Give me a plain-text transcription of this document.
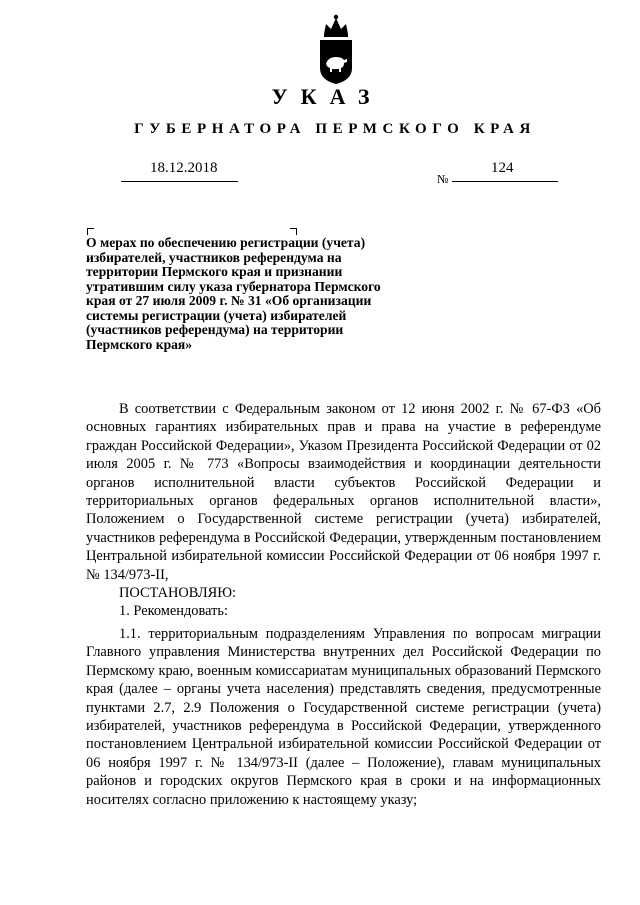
УКАЗ
ГУБЕРНАТОРА ПЕРМСКОГО КРАЯ
18.12.2018
№
124

О мерах по обеспечению регистрации (учета) избирателей, участников референдума на территории Пермского края и признании утратившим силу указа губернатора Пермского края от 27 июля 2009 г. № 31 «Об организации системы регистрации (учета) избирателей (участников референдума) на территории Пермского края»

В соответствии с Федеральным законом от 12 июня 2002 г. № 67-ФЗ «Об основных гарантиях избирательных прав и права на участие в референдуме граждан Российской Федерации», Указом Президента Российской Федерации от 02 июля 2005 г. № 773 «Вопросы взаимодействия и координации деятельности органов исполнительной власти субъектов Российской Федерации и территориальных органов федеральных органов исполнительной власти», Положением о Государственной системе регистрации (учета) избирателей, участников референдума в Российской Федерации, утвержденным постановлением Центральной избирательной комиссии Российской Федерации от 06 ноября 1997 г. № 134/973-II,

ПОСТАНОВЛЯЮ:

1. Рекомендовать:

1.1. территориальным подразделениям Управления по вопросам миграции Главного управления Министерства внутренних дел Российской Федерации по Пермскому краю, военным комиссариатам муниципальных образований Пермского края (далее – органы учета населения) представлять сведения, предусмотренные пунктами 2.7, 2.9 Положения о Государственной системе регистрации (учета) избирателей, участников референдума в Российской Федерации, утвержденного постановлением Центральной избирательной комиссии Российской Федерации от 06 ноября 1997 г. № 134/973-II (далее – Положение), главам муниципальных районов и городских округов Пермского края в сроки и на информационных носителях согласно приложению к настоящему указу;
